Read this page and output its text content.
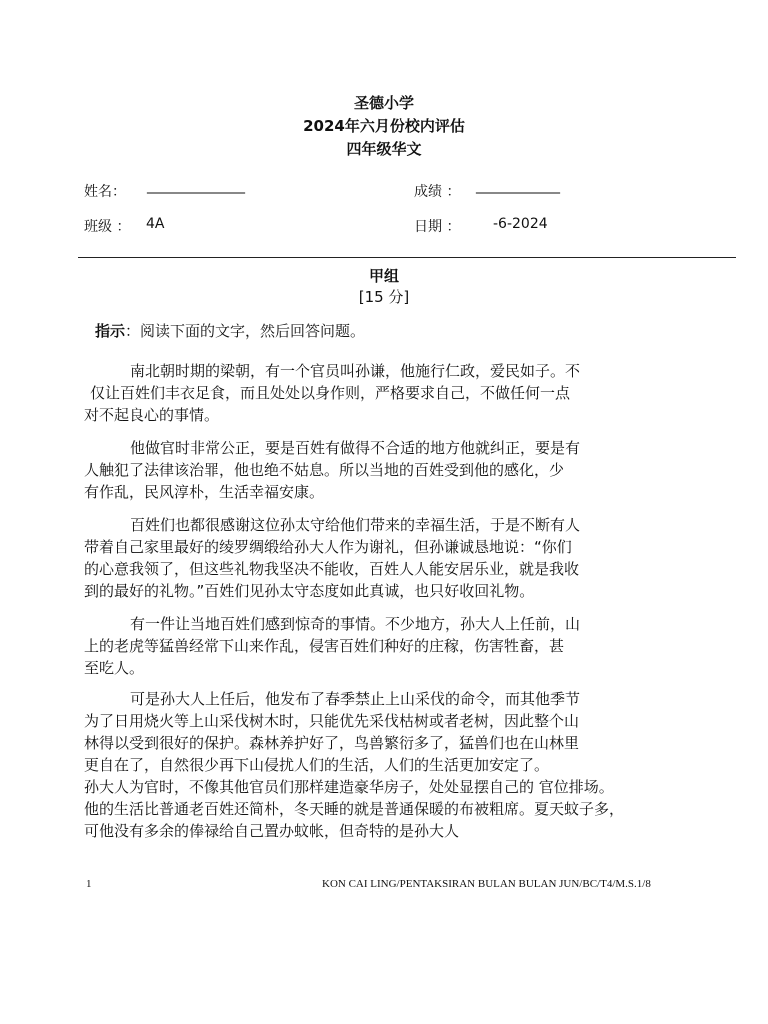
圣德小学
2024年六月份校内评估
四年级华文
姓名： ______________	成绩 ： ____________
班级 ： 4A	日期 ： -6-2024
甲组
[15 分]
指示：阅读下面的文字，然后回答问题。

南北朝时期的梁朝，有一个官员叫孙谦，他施行仁政，爱民如子。不

仅让百姓们丰衣足食，而且处处以身作则，严格要求自己，不做任何一点

对不起良心的事情。

他做官时非常公正，要是百姓有做得不合适的地方他就纠正，要是有

人触犯了法律该治罪，他也绝不姑息。所以当地的百姓受到他的感化，少

有作乱，民风淳朴，生活幸福安康。

百姓们也都很感谢这位孙太守给他们带来的幸福生活，于是不断有人

带着自己家里最好的绫罗绸缎给孙大人作为谢礼，但孙谦诚恳地说：“你们

的心意我领了，但这些礼物我坚决不能收，百姓人人能安居乐业，就是我收

到的最好的礼物。”百姓们见孙太守态度如此真诚，也只好收回礼物。

有一件让当地百姓们感到惊奇的事情。不少地方，孙大人上任前，山

上的老虎等猛兽经常下山来作乱，侵害百姓们种好的庄稼，伤害牲畜，甚

至吃人。

可是孙大人上任后，他发布了春季禁止上山采伐的命令，而其他季节

为了日用烧火等上山采伐树木时，只能优先采伐枯树或者老树，因此整个山

林得以受到很好的保护。森林养护好了，鸟兽繁衍多了，猛兽们也在山林里

更自在了，自然很少再下山侵扰人们的生活，人们的生活更加安定了。

孙大人为官时，不像其他官员们那样建造豪华房子，处处显摆自己的 官位排场。

他的生活比普通老百姓还简朴，冬天睡的就是普通保暖的布被粗席。夏天蚊子多，

可他没有多余的俸禄给自己置办蚊帐，但奇特的是孙大人

1	KON CAI LING/PENTAKSIRAN BULAN BULAN JUN/BC/T4/M.S.1/8
